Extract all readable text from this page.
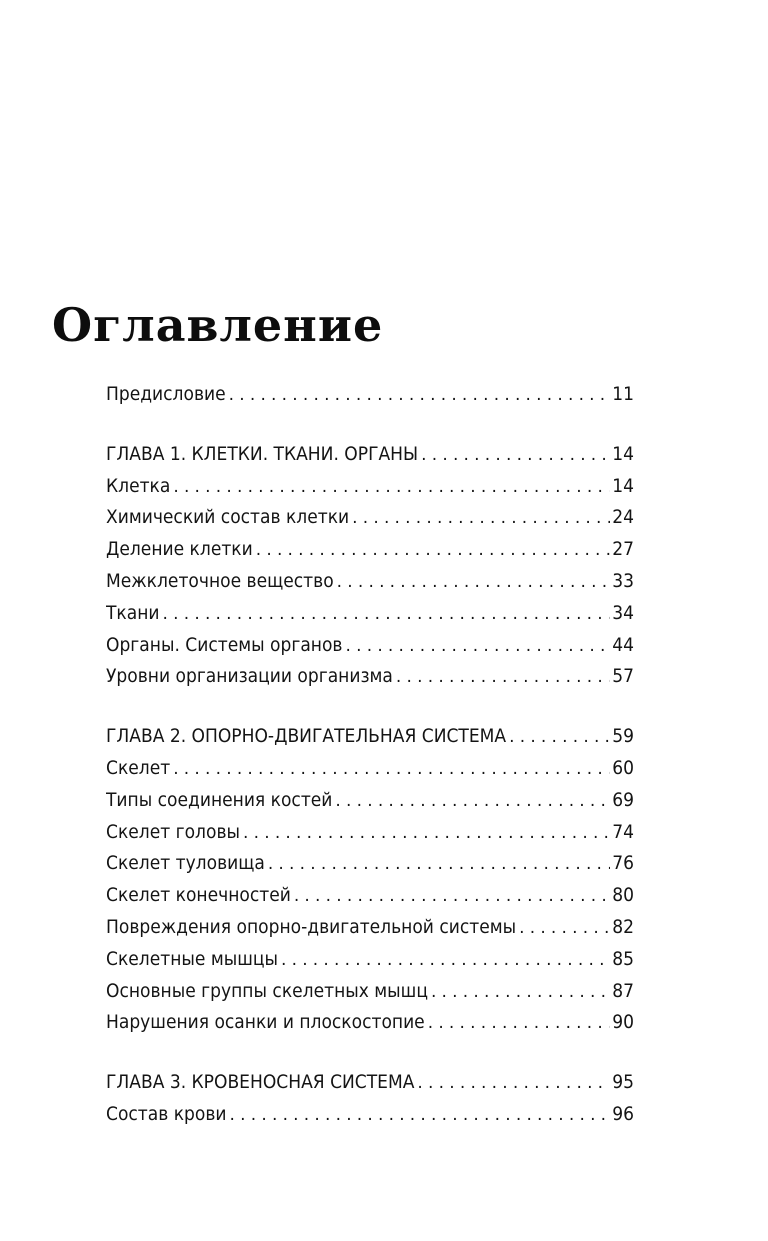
Оглавление
Предисловие .....	11
ГЛАВА 1. КЛЕТКИ. ТКАНИ. ОРГАНЫ .....	14
Клетка .....	14
Химический состав клетки .....	24
Деление клетки .....	27
Межклеточное вещество .....	33
Ткани .....	34
Органы. Системы органов .....	44
Уровни организации организма .....	57
ГЛАВА 2. ОПОРНО-ДВИГАТЕЛЬНАЯ СИСТЕМА .....	59
Скелет .....	60
Типы соединения костей .....	69
Скелет головы .....	74
Скелет туловища .....	76
Скелет конечностей .....	80
Повреждения опорно-двигательной системы .....	82
Скелетные мышцы .....	85
Основные группы скелетных мышц .....	87
Нарушения осанки и плоскостопие .....	90
ГЛАВА 3. КРОВЕНОСНАЯ СИСТЕМА .....	95
Состав крови .....	96
